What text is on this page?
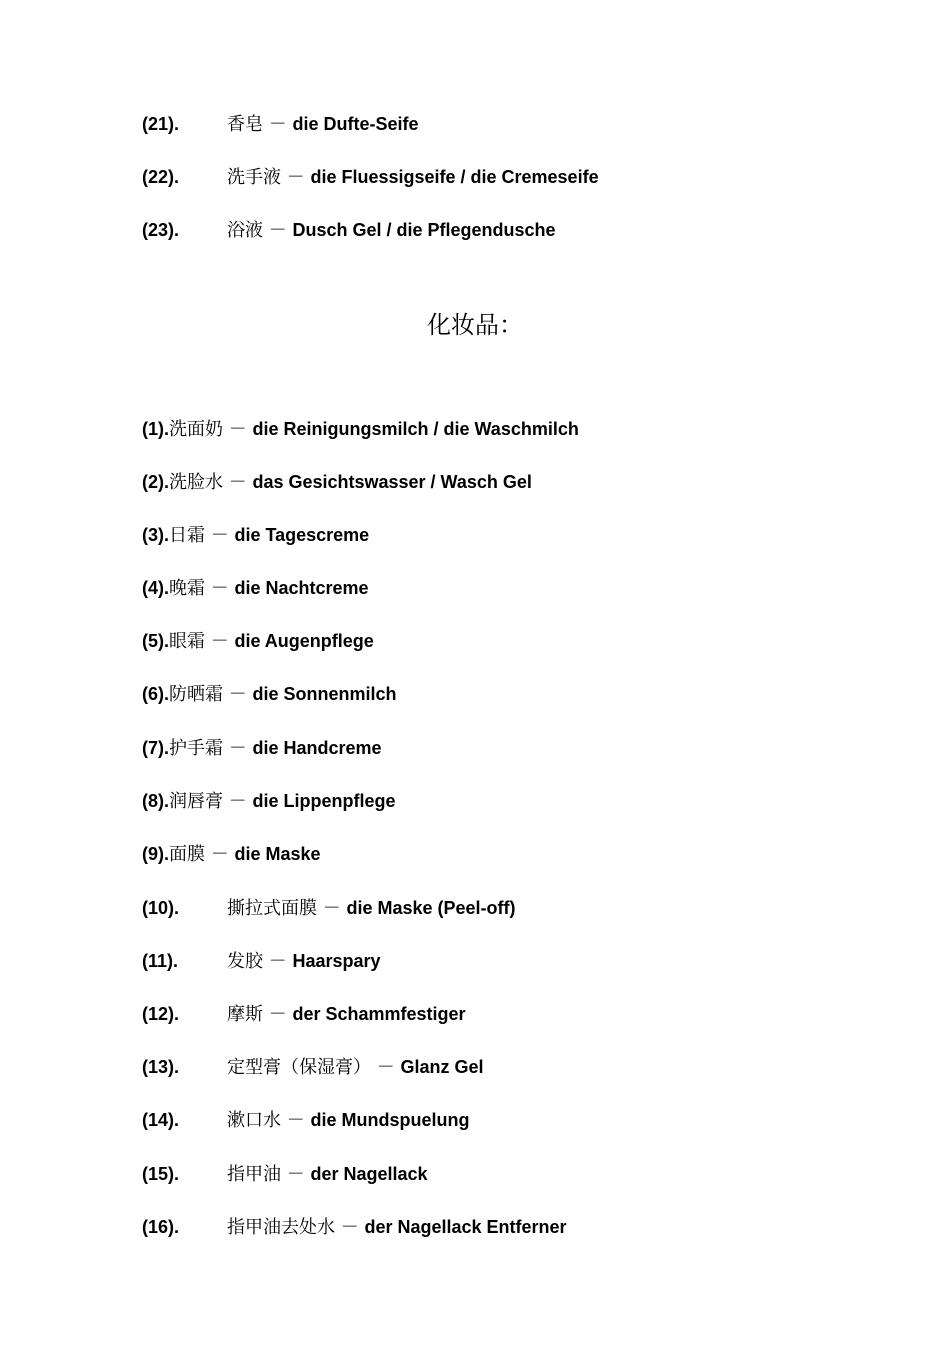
(21).	香皂 － die Dufte-Seife
(22).	洗手液 － die Fluessigseife / die Cremeseife
(23).	浴液 － Dusch Gel / die Pflegendusche
化妆品：
(1).洗面奶 － die Reinigungsmilch / die Waschmilch
(2).洗脸水 － das Gesichtswasser / Wasch Gel
(3).日霜 － die Tagescreme
(4).晚霜 － die Nachtcreme
(5).眼霜 － die Augenpflege
(6).防晒霜 － die Sonnenmilch
(7).护手霜 － die Handcreme
(8).润唇膏 － die Lippenpflege
(9).面膜 － die Maske
(10).	撕拉式面膜 － die Maske (Peel-off)
(11).	发胶 － Haarspary
(12).	摩斯 － der Schammfestiger
(13).	定型膏（保湿膏） － Glanz Gel
(14).	漱口水 － die Mundspuelung
(15).	指甲油 － der Nagellack
(16).	指甲油去处水 － der Nagellack Entferner
